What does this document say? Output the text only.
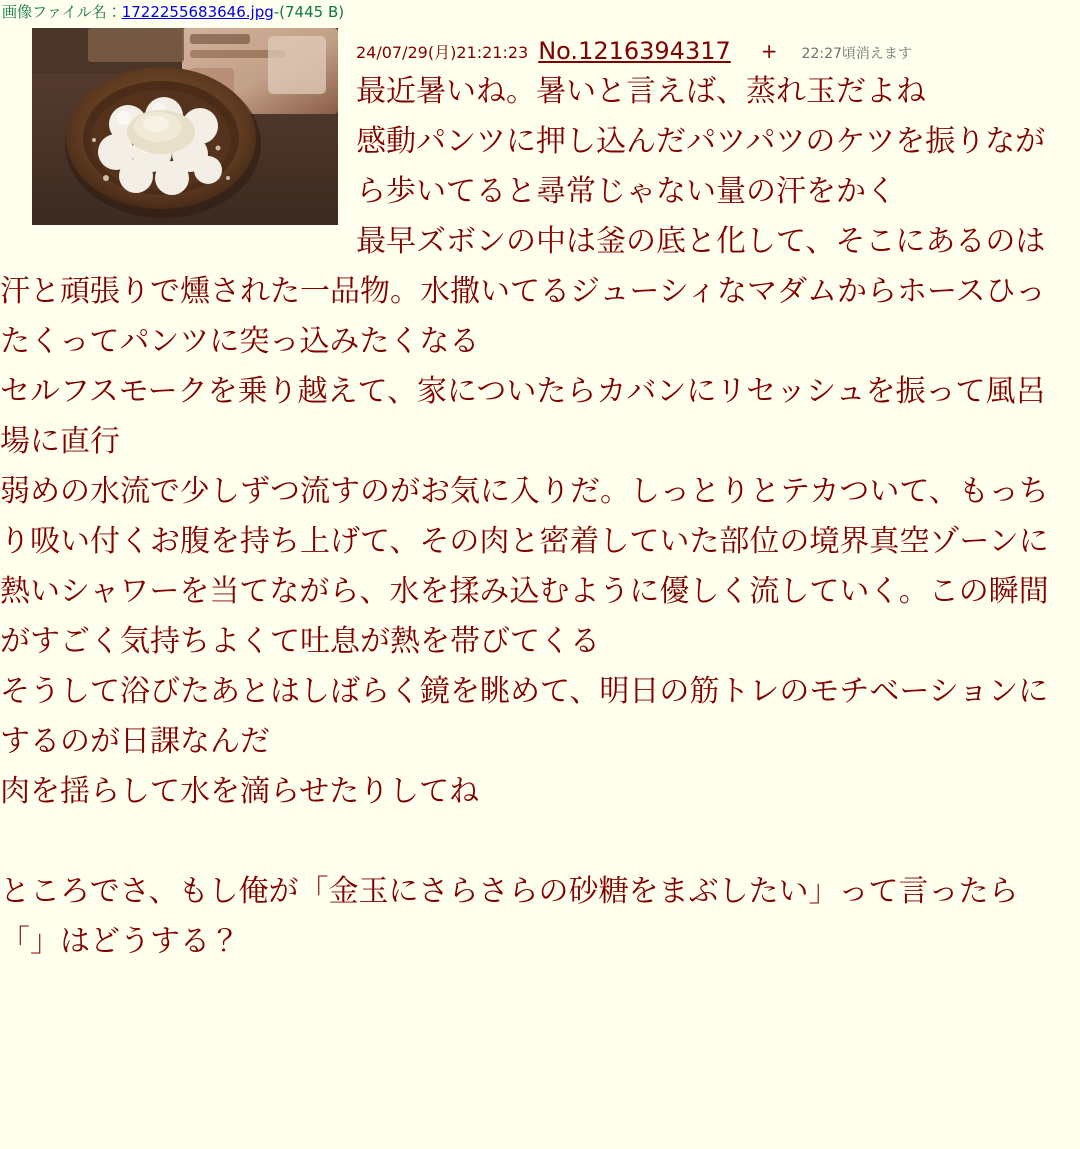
画像ファイル名：1722255683646.jpg-(7445 B)
24/07/29(月)21:21:23 No.1216394317 + 22:27頃消えます

最近暑いね。暑いと言えば、蒸れ玉だよね

感動パンツに押し込んだパツパツのケツを振りながら歩いてると尋常じゃない量の汗をかく

最早ズボンの中は釜の底と化して、そこにあるのは汗と頑張りで燻された一品物。水撒いてるジューシィなマダムからホースひったくってパンツに突っ込みたくなる

セルフスモークを乗り越えて、家についたらカバンにリセッシュを振って風呂場に直行

弱めの水流で少しずつ流すのがお気に入りだ。しっとりとテカついて、もっちり吸い付くお腹を持ち上げて、その肉と密着していた部位の境界真空ゾーンに熱いシャワーを当てながら、水を揉み込むように優しく流していく。この瞬間がすごく気持ちよくて吐息が熱を帯びてくる

そうして浴びたあとはしばらく鏡を眺めて、明日の筋トレのモチベーションにするのが日課なんだ

肉を揺らして水を滴らせたりしてね

ところでさ、もし俺が「金玉にさらさらの砂糖をまぶしたい」って言ったら

「」はどうする？
